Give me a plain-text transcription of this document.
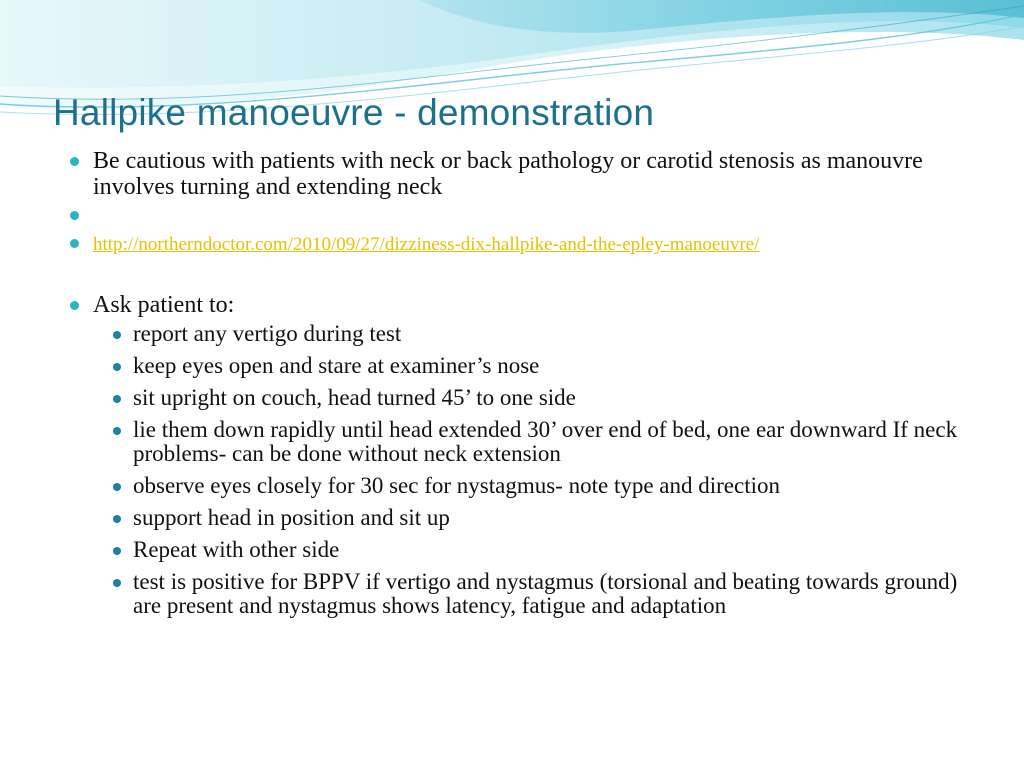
Hallpike manoeuvre - demonstration
Be cautious with patients with neck or back pathology or carotid stenosis as manouvre involves turning and extending neck
http://northerndoctor.com/2010/09/27/dizziness-dix-hallpike-and-the-epley-manoeuvre/
Ask patient to:
report any vertigo during test
keep eyes open and stare at examiner’s nose
sit upright on couch, head turned 45’ to one side
lie them down rapidly until head extended 30’ over end of bed, one ear downward If neck problems- can be done without neck extension
observe eyes closely for 30 sec for nystagmus- note type and direction
support head in position and sit up
Repeat with other side
test is positive for BPPV if vertigo and nystagmus (torsional and beating towards ground) are present and nystagmus shows latency, fatigue and adaptation
